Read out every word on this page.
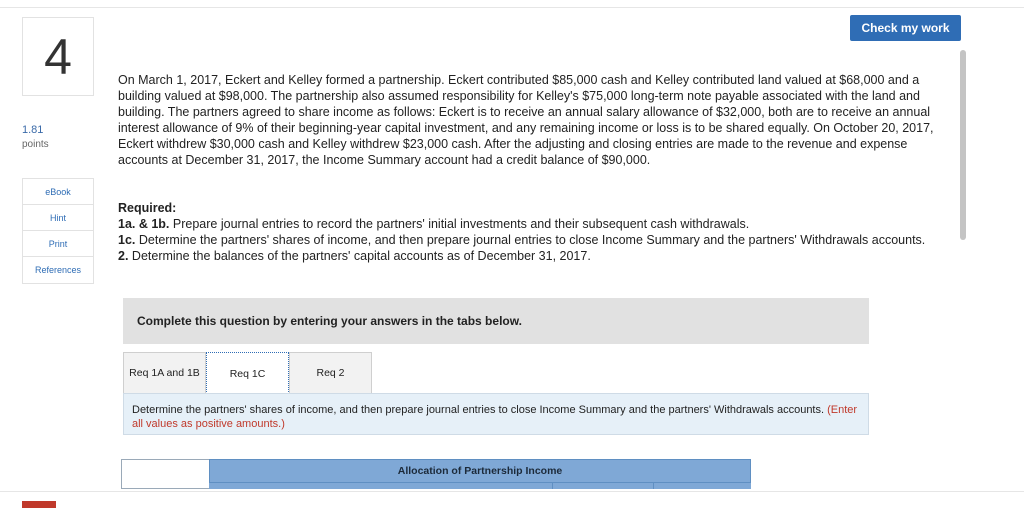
Check my work
4
1.81
points
eBook
Hint
Print
References
On March 1, 2017, Eckert and Kelley formed a partnership. Eckert contributed $85,000 cash and Kelley contributed land valued at $68,000 and a building valued at $98,000. The partnership also assumed responsibility for Kelley's $75,000 long-term note payable associated with the land and building. The partners agreed to share income as follows: Eckert is to receive an annual salary allowance of $32,000, both are to receive an annual interest allowance of 9% of their beginning-year capital investment, and any remaining income or loss is to be shared equally. On October 20, 2017, Eckert withdrew $30,000 cash and Kelley withdrew $23,000 cash. After the adjusting and closing entries are made to the revenue and expense accounts at December 31, 2017, the Income Summary account had a credit balance of $90,000.
Required:
1a. & 1b. Prepare journal entries to record the partners' initial investments and their subsequent cash withdrawals.
1c. Determine the partners' shares of income, and then prepare journal entries to close Income Summary and the partners' Withdrawals accounts.
2. Determine the balances of the partners' capital accounts as of December 31, 2017.
Complete this question by entering your answers in the tabs below.
Req 1A and 1B	Req 1C	Req 2
Determine the partners' shares of income, and then prepare journal entries to close Income Summary and the partners' Withdrawals accounts. (Enter all values as positive amounts.)
Allocation of Partnership Income
